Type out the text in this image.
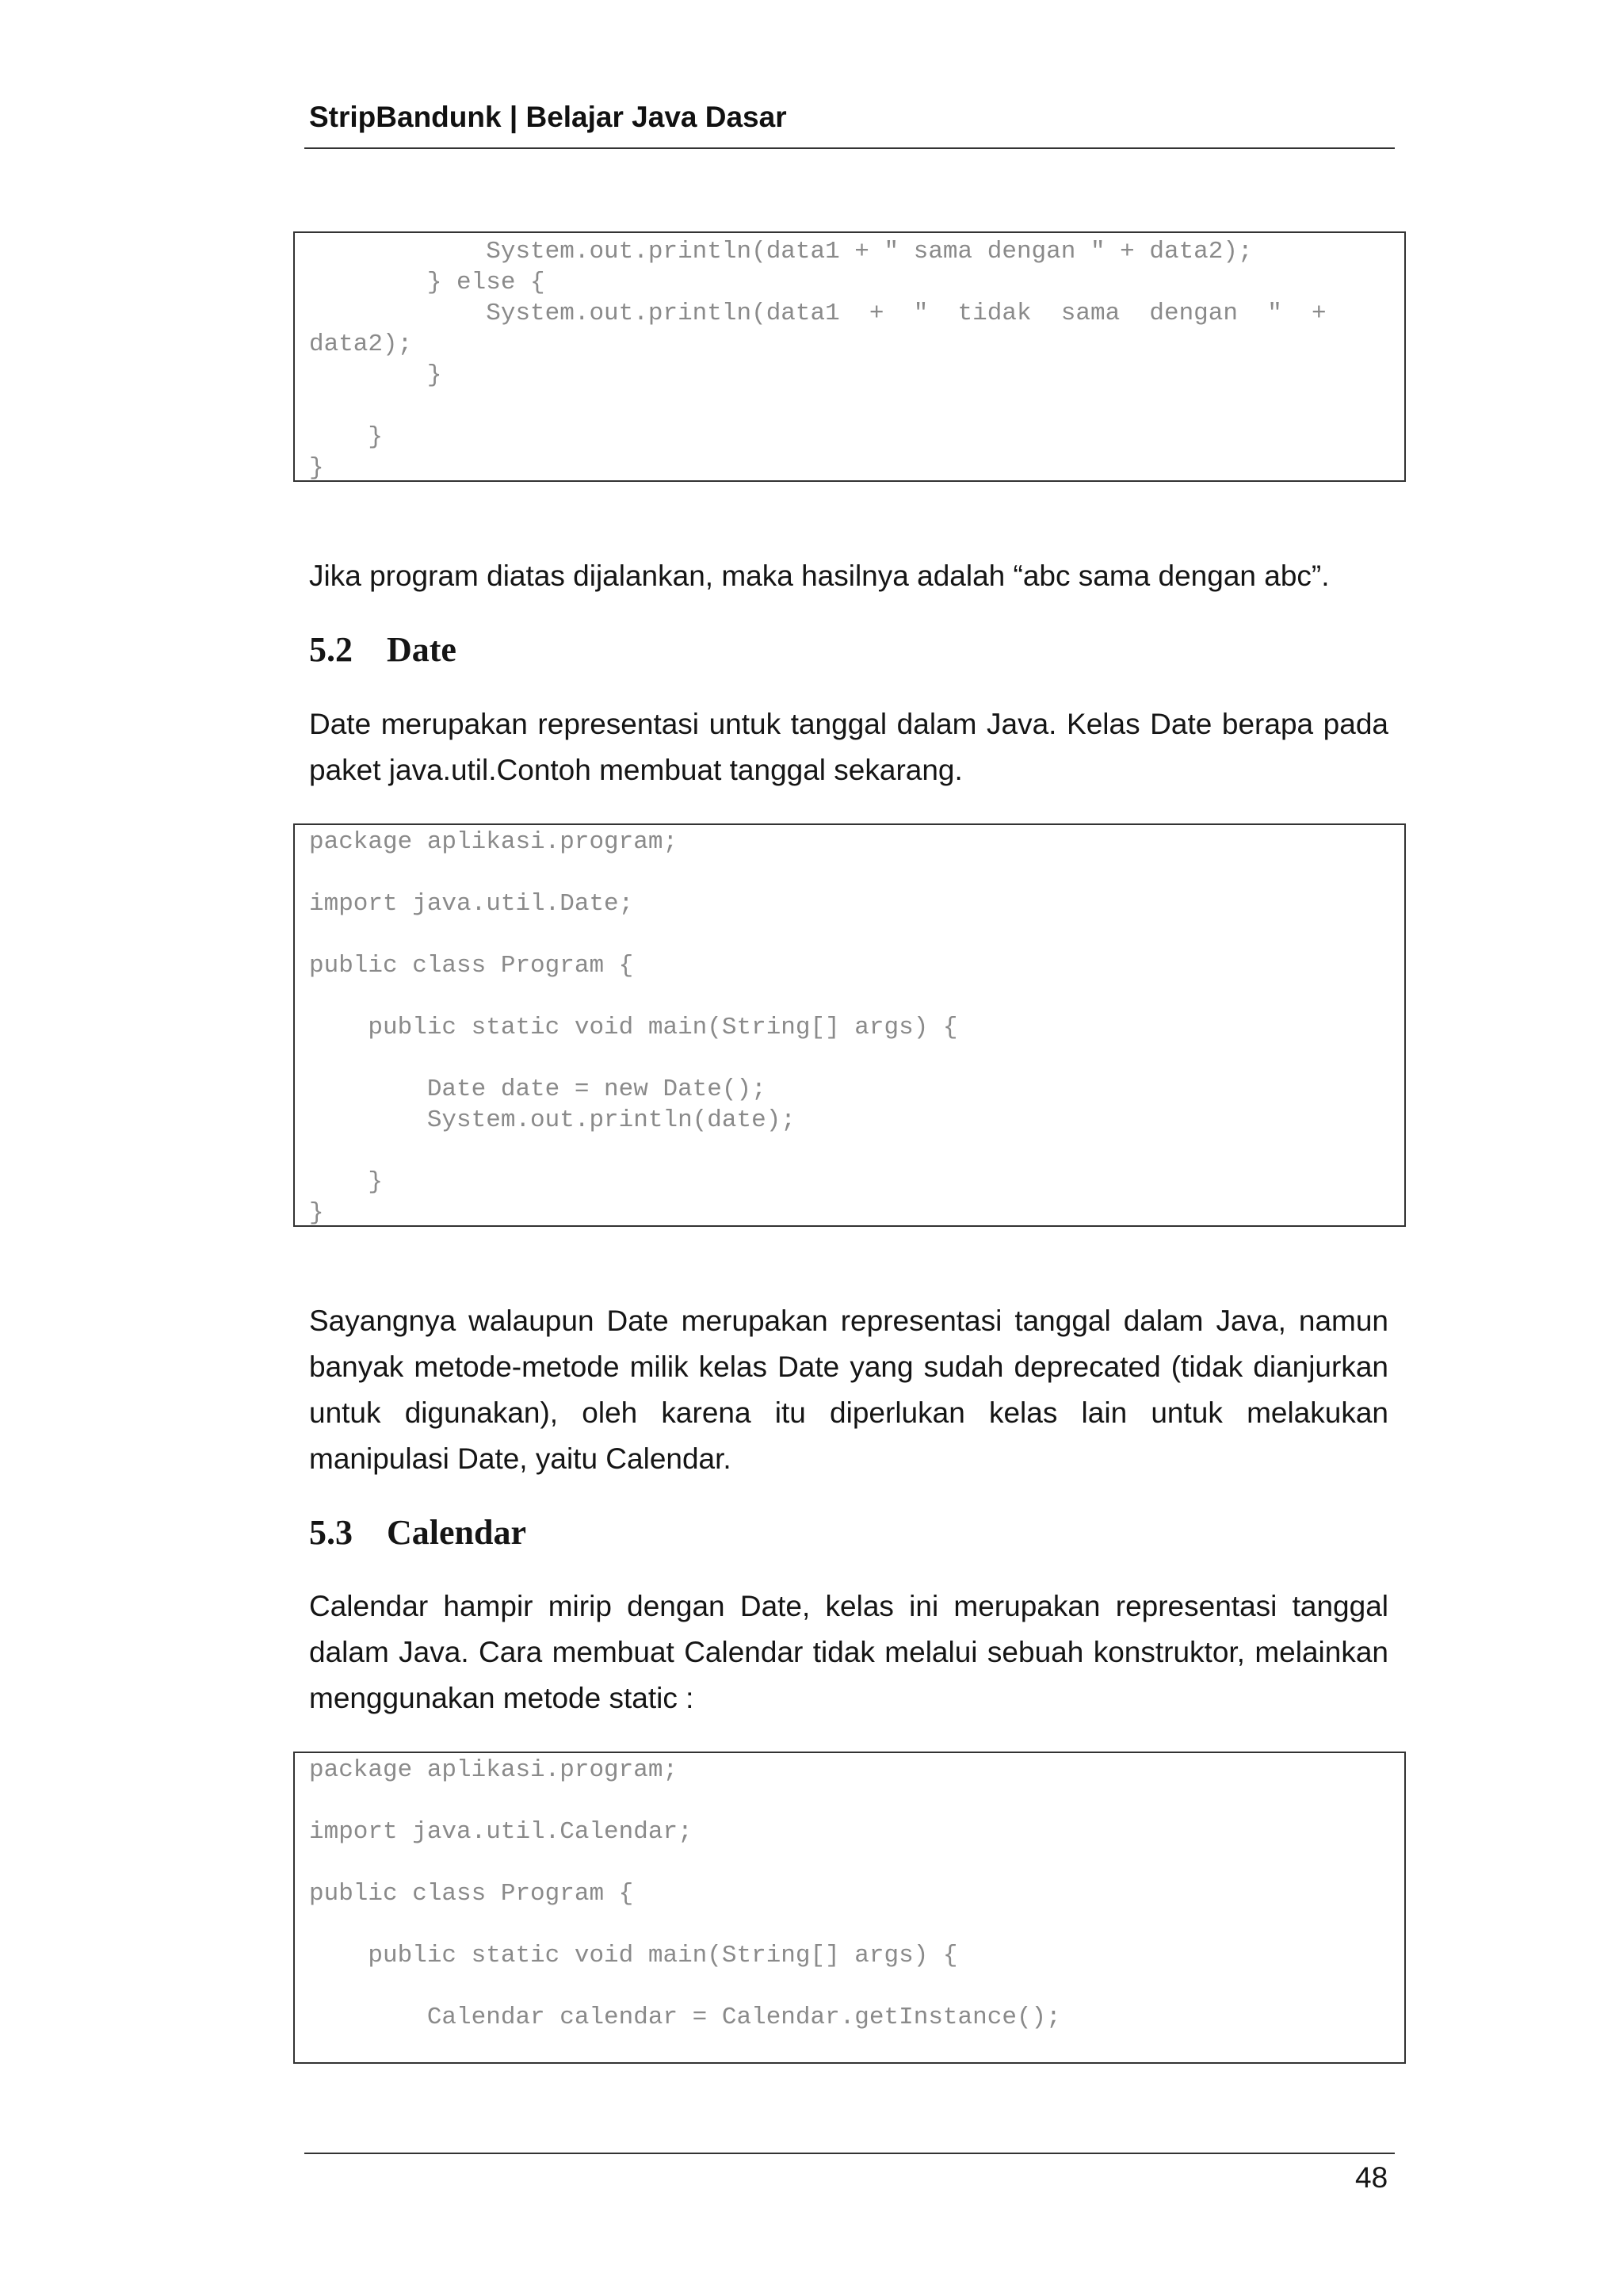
StripBandunk | Belajar Java Dasar
System.out.println(data1 + " sama dengan " + data2);
} else {
System.out.println(data1  +  "  tidak  sama  dengan  "  +
data2);
}
}
}
Jika program diatas dijalankan, maka hasilnya adalah “abc sama dengan abc”.
5.2 Date
Date merupakan representasi untuk tanggal dalam Java. Kelas Date berapa pada paket java.util.Contoh membuat tanggal sekarang.
package aplikasi.program;
import java.util.Date;
public class Program {
public static void main(String[] args) {
Date date = new Date();
System.out.println(date);
}
}
Sayangnya walaupun Date merupakan representasi tanggal dalam Java, namun banyak metode-metode milik kelas Date yang sudah deprecated (tidak dianjurkan untuk digunakan), oleh karena itu diperlukan kelas lain untuk melakukan manipulasi Date, yaitu Calendar.
5.3 Calendar
Calendar hampir mirip dengan Date, kelas ini merupakan representasi tanggal dalam Java. Cara membuat Calendar tidak melalui sebuah konstruktor, melainkan menggunakan metode static :
package aplikasi.program;
import java.util.Calendar;
public class Program {
public static void main(String[] args) {
Calendar calendar = Calendar.getInstance();
48
